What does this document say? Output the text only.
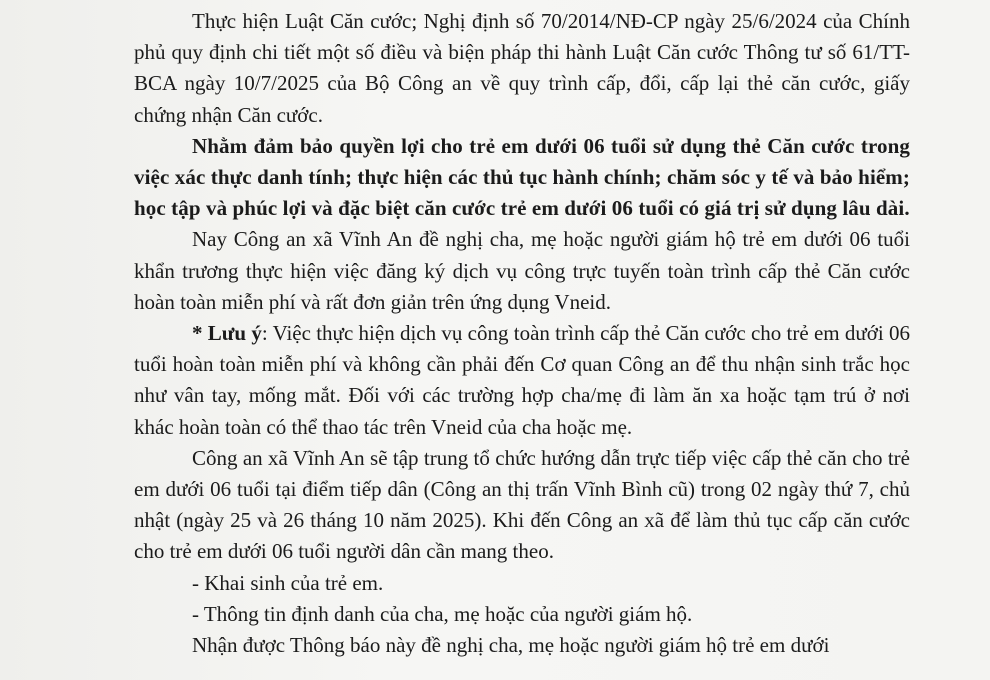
Thực hiện Luật Căn cước; Nghị định số 70/2014/NĐ-CP ngày 25/6/2024 của Chính phủ quy định chi tiết một số điều và biện pháp thi hành Luật Căn cước Thông tư số 61/TT-BCA ngày 10/7/2025 của Bộ Công an về quy trình cấp, đổi, cấp lại thẻ căn cước, giấy chứng nhận Căn cước.

Nhằm đảm bảo quyền lợi cho trẻ em dưới 06 tuổi sử dụng thẻ Căn cước trong việc xác thực danh tính; thực hiện các thủ tục hành chính; chăm sóc y tế và bảo hiểm; học tập và phúc lợi và đặc biệt căn cước trẻ em dưới 06 tuổi có giá trị sử dụng lâu dài.

Nay Công an xã Vĩnh An đề nghị cha, mẹ hoặc người giám hộ trẻ em dưới 06 tuổi khẩn trương thực hiện việc đăng ký dịch vụ công trực tuyến toàn trình cấp thẻ Căn cước hoàn toàn miễn phí và rất đơn giản trên ứng dụng Vneid.

* Lưu ý: Việc thực hiện dịch vụ công toàn trình cấp thẻ Căn cước cho trẻ em dưới 06 tuổi hoàn toàn miễn phí và không cần phải đến Cơ quan Công an để thu nhận sinh trắc học như vân tay, mống mắt. Đối với các trường hợp cha/mẹ đi làm ăn xa hoặc tạm trú ở nơi khác hoàn toàn có thể thao tác trên Vneid của cha hoặc mẹ.

Công an xã Vĩnh An sẽ tập trung tổ chức hướng dẫn trực tiếp việc cấp thẻ căn cho trẻ em dưới 06 tuổi tại điểm tiếp dân (Công an thị trấn Vĩnh Bình cũ) trong 02 ngày thứ 7, chủ nhật (ngày 25 và 26 tháng 10 năm 2025). Khi đến Công an xã để làm thủ tục cấp căn cước cho trẻ em dưới 06 tuổi người dân cần mang theo.

- Khai sinh của trẻ em.

- Thông tin định danh của cha, mẹ hoặc của người giám hộ.

Nhận được Thông báo này đề nghị cha, mẹ hoặc người giám hộ trẻ em dưới
